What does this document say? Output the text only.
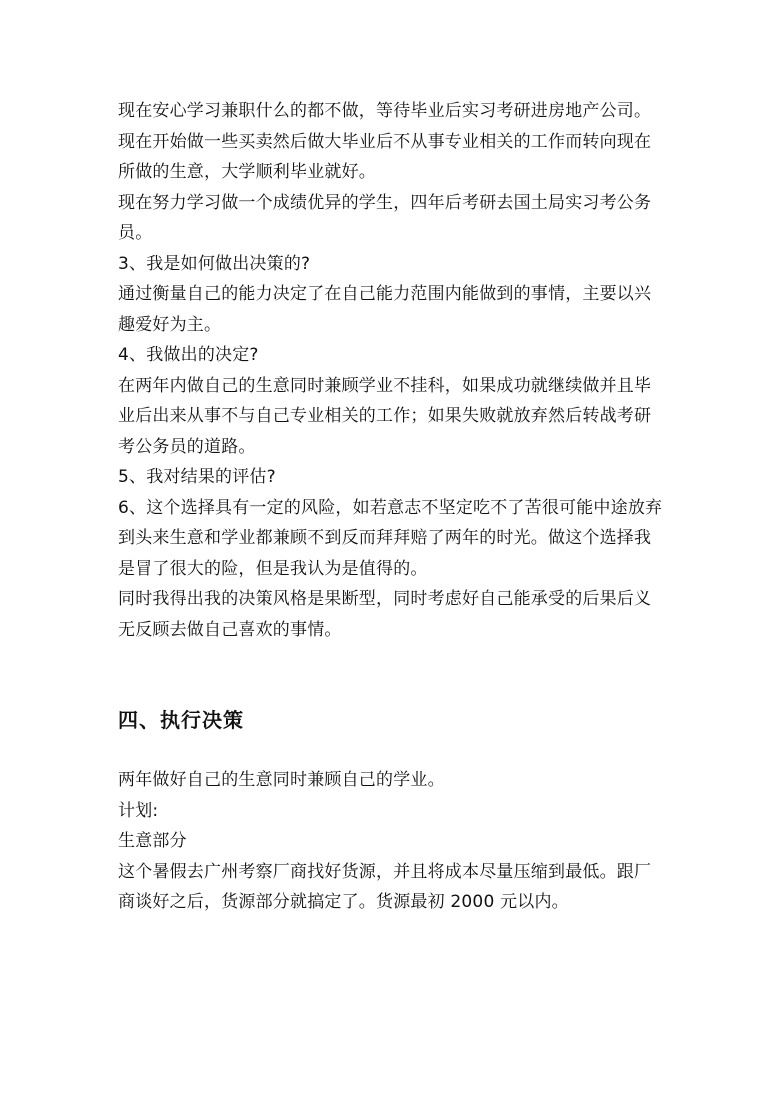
现在安心学习兼职什么的都不做，等待毕业后实习考研进房地产公司。

现在开始做一些买卖然后做大毕业后不从事专业相关的工作而转向现在所做的生意，大学顺利毕业就好。

现在努力学习做一个成绩优异的学生，四年后考研去国土局实习考公务员。

3、我是如何做出决策的?

通过衡量自己的能力决定了在自己能力范围内能做到的事情，主要以兴趣爱好为主。

4、我做出的决定?

在两年内做自己的生意同时兼顾学业不挂科，如果成功就继续做并且毕业后出来从事不与自己专业相关的工作；如果失败就放弃然后转战考研考公务员的道路。

5、我对结果的评估?

6、这个选择具有一定的风险，如若意志不坚定吃不了苦很可能中途放弃到头来生意和学业都兼顾不到反而拜拜赔了两年的时光。做这个选择我是冒了很大的险，但是我认为是值得的。

同时我得出我的决策风格是果断型，同时考虑好自己能承受的后果后义无反顾去做自己喜欢的事情。

四、执行决策

两年做好自己的生意同时兼顾自己的学业。

计划:

生意部分

这个暑假去广州考察厂商找好货源，并且将成本尽量压缩到最低。跟厂商谈好之后，货源部分就搞定了。货源最初 2000 元以内。
